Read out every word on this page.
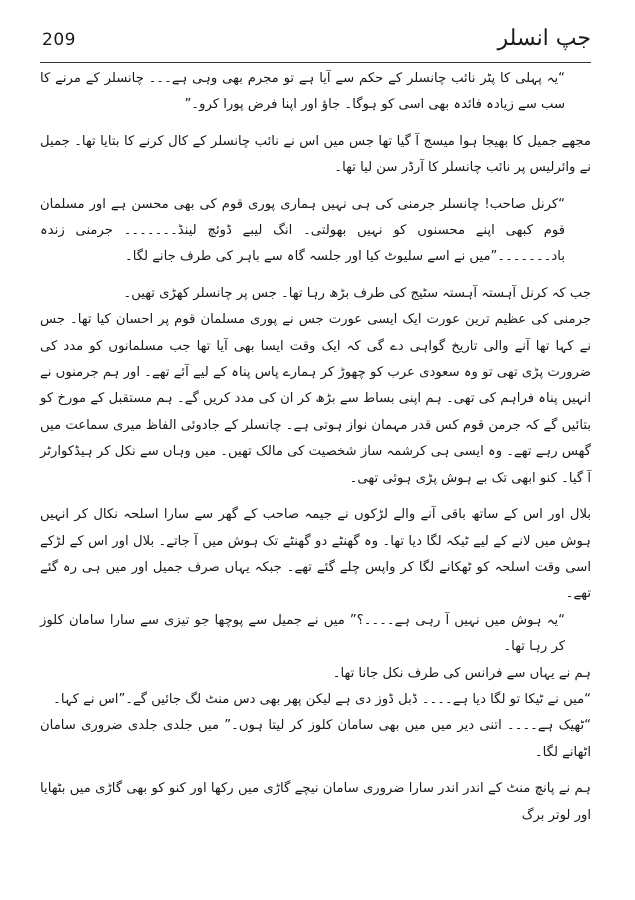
209	جپ انسلر

“یہ پہلی کا پٹر نائب چانسلر کے حکم سے آیا ہے تو مجرم بھی وہی ہے۔۔۔ چانسلر کے مرنے کا سب سے زیادہ فائدہ بھی اسی کو ہوگا۔ جاؤ اور اپنا فرض پورا کرو۔”

مجھے جمیل کا بھیجا ہوا میسج آ گیا تھا جس میں اس نے نائب چانسلر کے کال کرنے کا بتایا تھا۔ جمیل نے وائرلیس پر نائب چانسلر کا آرڈر سن لیا تھا۔

“کرنل صاحب! چانسلر جرمنی کی ہی نہیں ہماری پوری قوم کی بھی محسن ہے اور مسلمان قوم کبھی اپنے محسنوں کو نہیں بھولتی۔ انگ لیبے ڈوئچ لینڈ۔۔۔۔۔۔۔ جرمنی زندہ باد۔۔۔۔۔۔۔”میں نے اسے سلیوٹ کیا اور جلسہ گاہ سے باہر کی طرف جانے لگا۔

جب کہ کرنل آہستہ آہستہ سٹیج کی طرف بڑھ رہا تھا۔ جس پر چانسلر کھڑی تھیں۔

جرمنی کی عظیم ترین عورت ایک ایسی عورت جس نے پوری مسلمان قوم پر احسان کیا تھا۔ جس نے کہا تھا آنے والی تاریخ گواہی دے گی کہ ایک وقت ایسا بھی آیا تھا جب مسلمانوں کو مدد کی ضرورت پڑی تھی تو وہ سعودی عرب کو چھوڑ کر ہمارے پاس پناہ کے لیے آئے تھے۔ اور ہم جرمنوں نے انہیں پناہ فراہم کی تھی۔ ہم اپنی بساط سے بڑھ کر ان کی مدد کریں گے۔ ہم مستقبل کے مورخ کو بتائیں گے کہ جرمن قوم کس قدر مہمان نواز ہوتی ہے۔ چانسلر کے جادوئی الفاظ میری سماعت میں گھس رہے تھے۔ وہ ایسی ہی کرشمہ ساز شخصیت کی مالک تھیں۔ میں وہاں سے نکل کر ہیڈکوارٹر آ گیا۔ کنو ابھی تک بے ہوش پڑی ہوئی تھی۔

بلال اور اس کے ساتھ باقی آنے والے لڑکوں نے جیمہ صاحب کے گھر سے سارا اسلحہ نکال کر انہیں ہوش میں لانے کے لیے ٹیکہ لگا دیا تھا۔ وہ گھنٹے دو گھنٹے تک ہوش میں آ جاتے۔ بلال اور اس کے لڑکے اسی وقت اسلحہ کو ٹھکانے لگا کر واپس چلے گئے تھے۔ جبکہ یہاں صرف جمیل اور میں ہی رہ گئے تھے۔

“یہ ہوش میں نہیں آ رہی ہے۔۔۔۔؟” میں نے جمیل سے پوچھا جو تیزی سے سارا سامان کلوز کر رہا تھا۔

ہم نے یہاں سے فرانس کی طرف نکل جانا تھا۔

“میں نے ٹیکا تو لگا دیا ہے۔۔۔۔ ڈبل ڈوز دی ہے لیکن پھر بھی دس منٹ لگ جائیں گے۔”اس نے کہا۔

“ٹھیک ہے۔۔۔۔ اتنی دیر میں میں بھی سامان کلوز کر لیتا ہوں۔” میں جلدی جلدی ضروری سامان اٹھانے لگا۔

ہم نے پانچ منٹ کے اندر اندر سارا ضروری سامان نیچے گاڑی میں رکھا اور کنو کو بھی گاڑی میں بٹھایا اور لوتر برگ
